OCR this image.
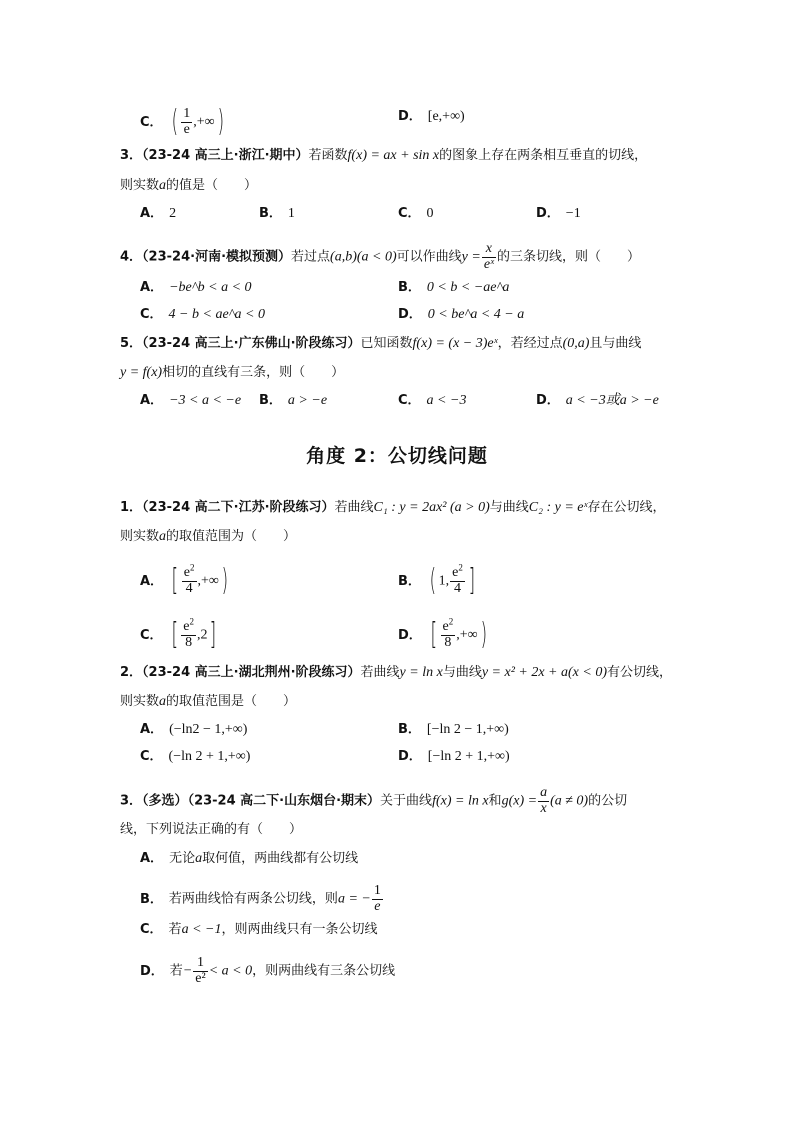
C． ( $\frac{1}{e}$ ,+∞)	D． [e,+∞)
3．（23-24 高三上·浙江·期中）若函数f(x) = ax + sin x的图象上存在两条相互垂直的切线，
则实数a的值是（　　）
A． 2	B． 1	C． 0	D． −1
4．（23-24·河南·模拟预测）若过点(a,b)(a < 0)可以作曲线$y = \frac{x}{\text{eˣ}}$ 的三条切线，则（　　）
A． −be^b < a < 0	B． 0 < b < −ae^a
C． 4 − b < ae^a < 0	D． 0 < be^a < 4 − a
5．（23-24 高三上·广东佛山·阶段练习）已知函数f(x) = (x − 3)eˣ，若经过点(0,a)且与曲线
y = f(x)相切的直线有三条，则（　　）
A． −3 < a < −e B． a > −e	C． a < −3	D． a < −3或a > −e
角度 2：公切线问题
1．（23-24 高二下·江苏·阶段练习）若曲线C₁ : y = 2ax² (a > 0)与曲线C₂ : y = eˣ存在公切线，
则实数a的取值范围为（　　）
A． [ $\frac{e^2}{4}$ ,+∞)	B． ( 1, $\frac{e^2}{4}$ ]
C． [ $\frac{e^2}{8} ,2$]	D． [ $\frac{e^2}{8}$ ,+∞)
2．（23-24 高三上·湖北荆州·阶段练习）若曲线y = ln x与曲线y = x² + 2x + a(x < 0)有公切线，
则实数a的取值范围是（　　）
A． (−ln2 − 1,+∞)	B． [−ln 2 − 1,+∞)
C． (−ln 2 + 1,+∞)	D． [−ln 2 + 1,+∞)
3．（多选）（23-24 高二下·山东烟台·期末）关于曲线f(x) = ln x和$g(x) = \frac{a}{x} (a \ne 0)$的公切
线，下列说法正确的有（　　）
A． 无论a取何值，两曲线都有公切线
B． 若两曲线恰有两条公切线，则a = − $\frac{1}{e}$
C． 若a < −1，则两曲线只有一条公切线
D． 若− $\frac{1}{\text{e²}} < a < 0$，则两曲线有三条公切线
